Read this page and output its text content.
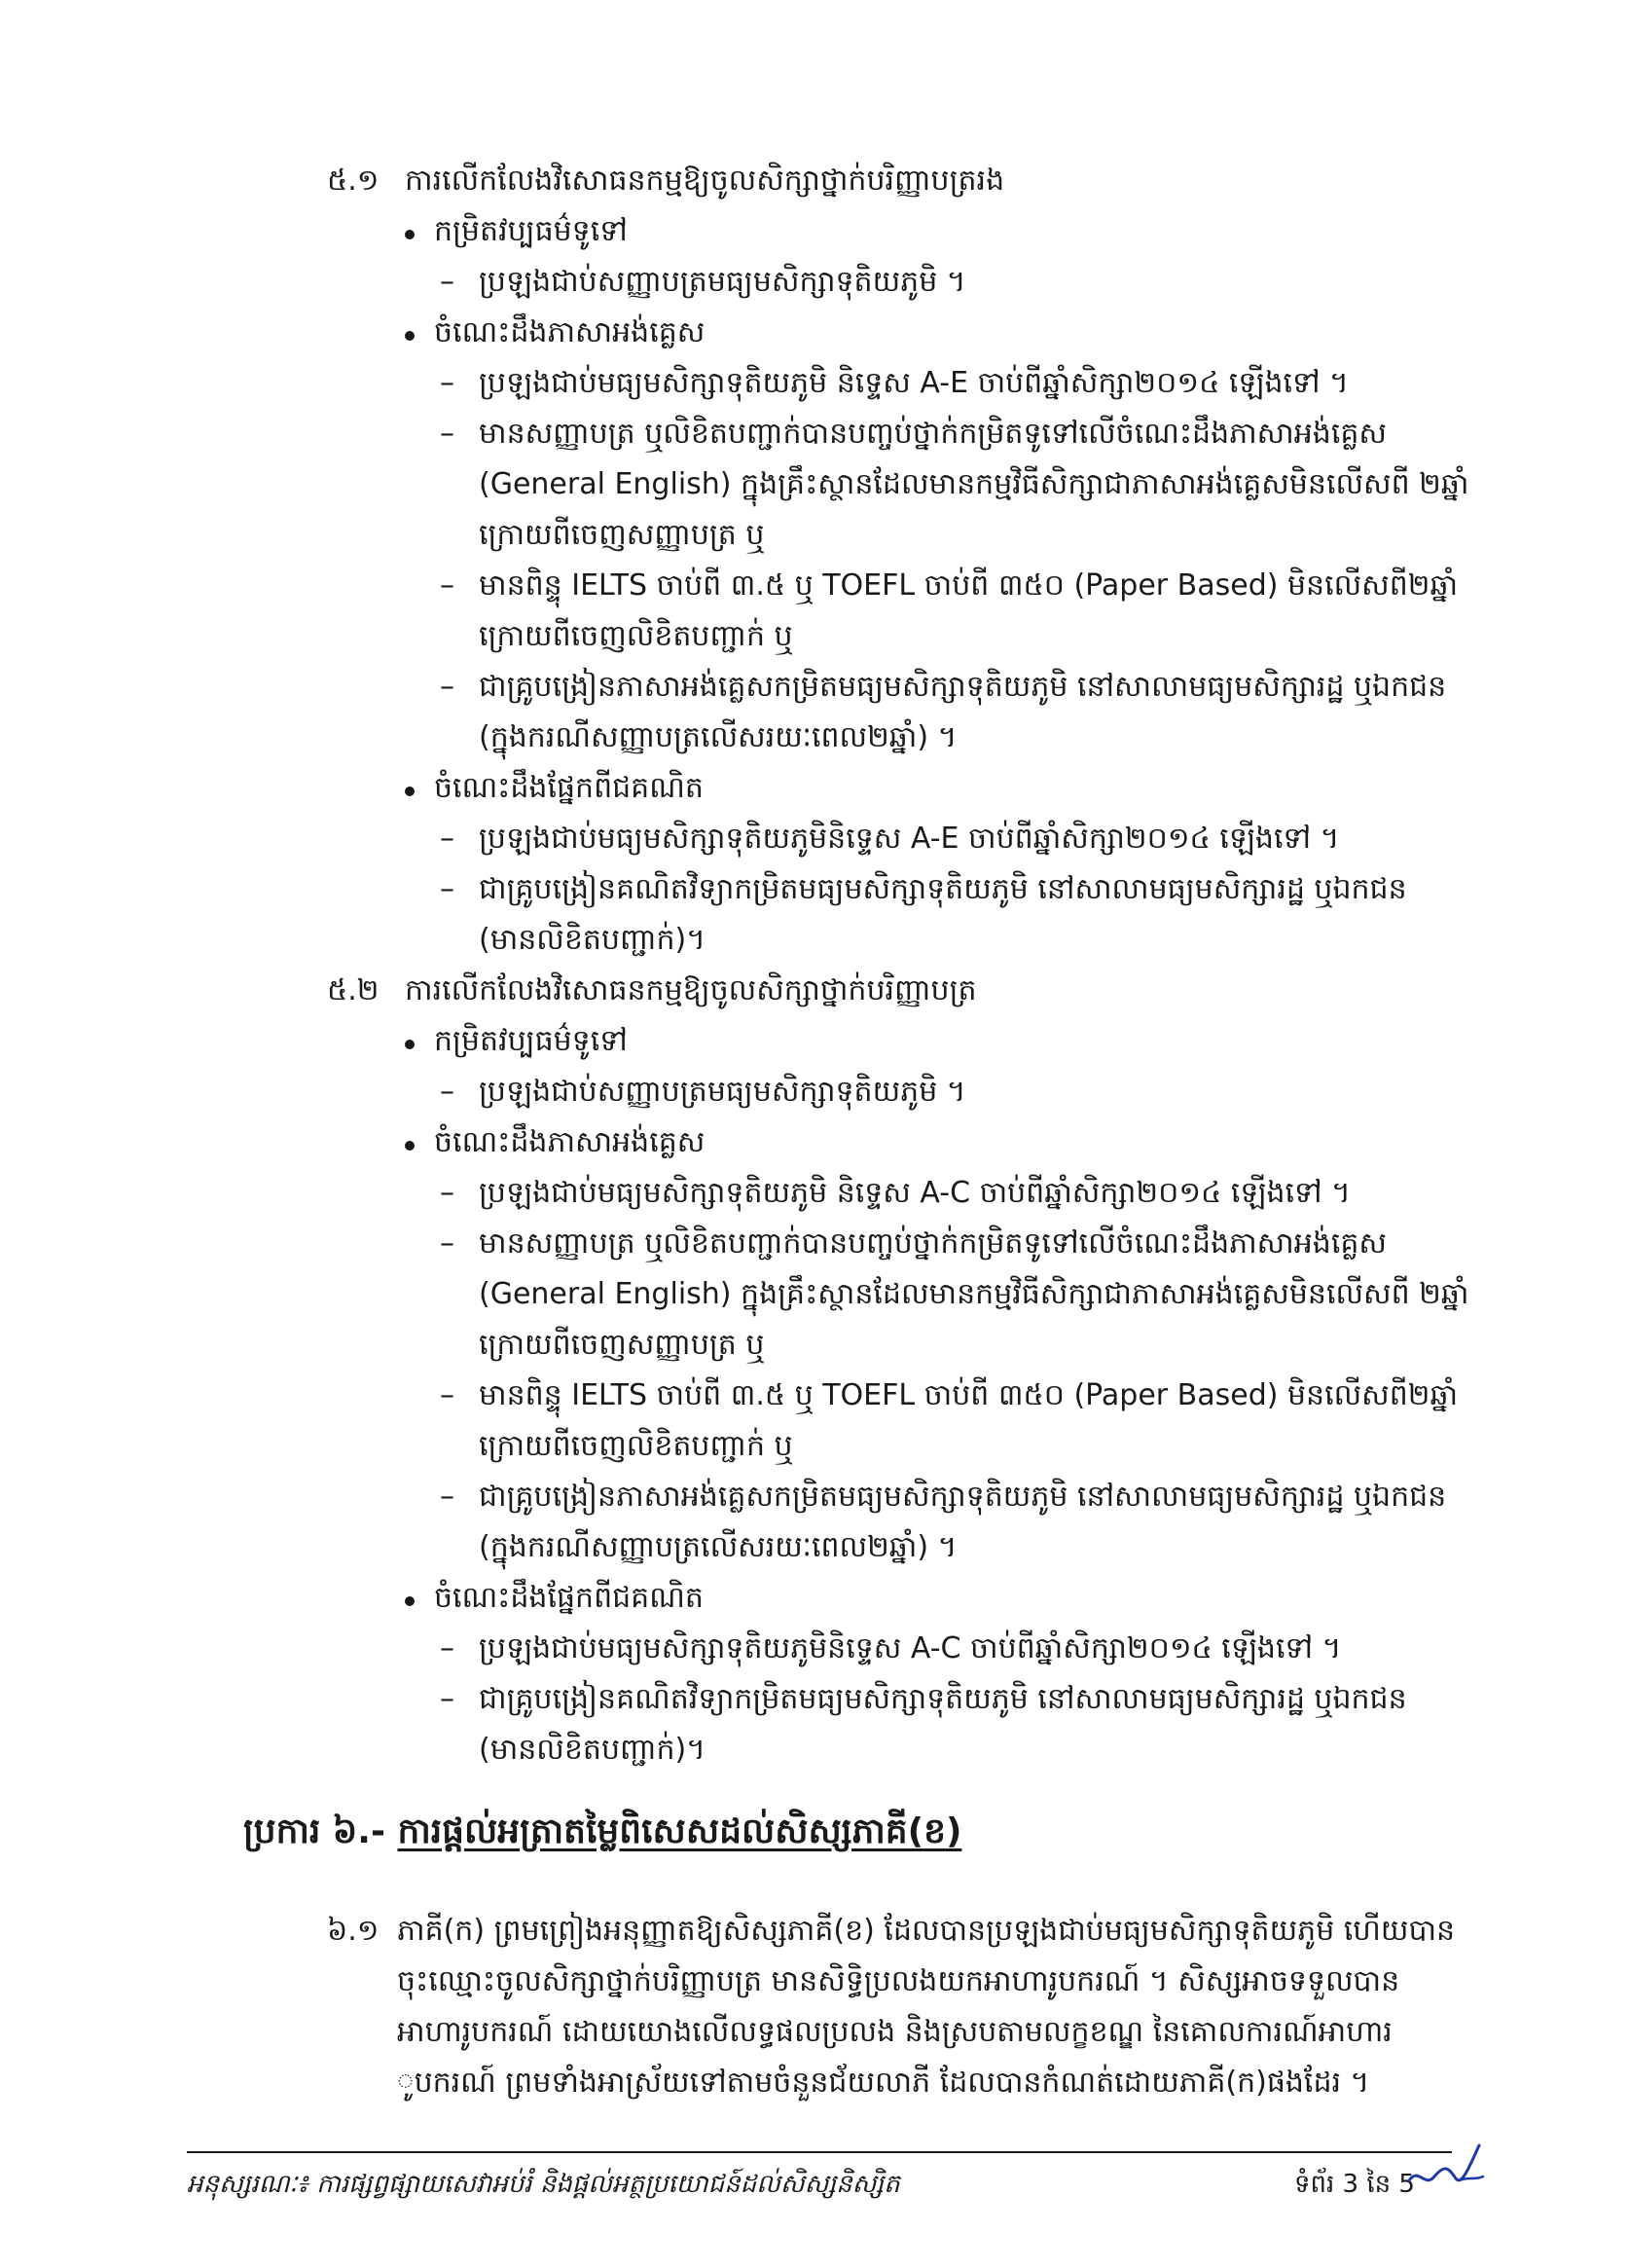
៥.១ ការលើកលែងវិសោធនកម្មឱ្យចូលសិក្សាថ្នាក់បរិញ្ញាបត្ររង
កម្រិតវប្បធម៌ទូទៅ
– ប្រឡងជាប់សញ្ញាបត្រមធ្យមសិក្សាទុតិយភូមិ ។
ចំណេះដឹងភាសាអង់គ្លេស
– ប្រឡងជាប់មធ្យមសិក្សាទុតិយភូមិ និទ្ទេស A-E ចាប់ពីឆ្នាំសិក្សា២០១៤ ឡើងទៅ ។
– មានសញ្ញាបត្រ ឬលិខិតបញ្ជាក់បានបញ្ចប់ថ្នាក់កម្រិតទូទៅលើចំណេះដឹងភាសាអង់គ្លេស
(General English) ក្នុងគ្រឹះស្ថានដែលមានកម្មវិធីសិក្សាជាភាសាអង់គ្លេសមិនលើសពី ២ឆ្នាំ
ក្រោយពីចេញសញ្ញាបត្រ ឬ
– មានពិន្ទុ IELTS ចាប់ពី ៣.៥ ឬ TOEFL ចាប់ពី ៣៥០ (Paper Based) មិនលើសពី២ឆ្នាំ
ក្រោយពីចេញលិខិតបញ្ជាក់ ឬ
– ជាគ្រូបង្រៀនភាសាអង់គ្លេសកម្រិតមធ្យមសិក្សាទុតិយភូមិ នៅសាលាមធ្យមសិក្សារដ្ឋ ឬឯកជន
(ក្នុងករណីសញ្ញាបត្រលើសរយៈពេល២ឆ្នាំ) ។
ចំណេះដឹងផ្នែកពីជគណិត
– ប្រឡងជាប់មធ្យមសិក្សាទុតិយភូមិនិទ្ទេស A-E ចាប់ពីឆ្នាំសិក្សា២០១៤ ឡើងទៅ ។
– ជាគ្រូបង្រៀនគណិតវិទ្យាកម្រិតមធ្យមសិក្សាទុតិយភូមិ នៅសាលាមធ្យមសិក្សារដ្ឋ ឬឯកជន
(មានលិខិតបញ្ជាក់)។
៥.២ ការលើកលែងវិសោធនកម្មឱ្យចូលសិក្សាថ្នាក់បរិញ្ញាបត្រ
កម្រិតវប្បធម៌ទូទៅ
– ប្រឡងជាប់សញ្ញាបត្រមធ្យមសិក្សាទុតិយភូមិ ។
ចំណេះដឹងភាសាអង់គ្លេស
– ប្រឡងជាប់មធ្យមសិក្សាទុតិយភូមិ និទ្ទេស A-C ចាប់ពីឆ្នាំសិក្សា២០១៤ ឡើងទៅ ។
– មានសញ្ញាបត្រ ឬលិខិតបញ្ជាក់បានបញ្ចប់ថ្នាក់កម្រិតទូទៅលើចំណេះដឹងភាសាអង់គ្លេស
(General English) ក្នុងគ្រឹះស្ថានដែលមានកម្មវិធីសិក្សាជាភាសាអង់គ្លេសមិនលើសពី ២ឆ្នាំ
ក្រោយពីចេញសញ្ញាបត្រ ឬ
– មានពិន្ទុ IELTS ចាប់ពី ៣.៥ ឬ TOEFL ចាប់ពី ៣៥០ (Paper Based) មិនលើសពី២ឆ្នាំ
ក្រោយពីចេញលិខិតបញ្ជាក់ ឬ
– ជាគ្រូបង្រៀនភាសាអង់គ្លេសកម្រិតមធ្យមសិក្សាទុតិយភូមិ នៅសាលាមធ្យមសិក្សារដ្ឋ ឬឯកជន
(ក្នុងករណីសញ្ញាបត្រលើសរយៈពេល២ឆ្នាំ) ។
ចំណេះដឹងផ្នែកពីជគណិត
– ប្រឡងជាប់មធ្យមសិក្សាទុតិយភូមិនិទ្ទេស A-C ចាប់ពីឆ្នាំសិក្សា២០១៤ ឡើងទៅ ។
– ជាគ្រូបង្រៀនគណិតវិទ្យាកម្រិតមធ្យមសិក្សាទុតិយភូមិ នៅសាលាមធ្យមសិក្សារដ្ឋ ឬឯកជន
(មានលិខិតបញ្ជាក់)។
ប្រការ ៦.- ការផ្តល់អត្រាតម្លៃពិសេសដល់សិស្សភាគី(ខ)
៦.១ ភាគី(ក) ព្រមព្រៀងអនុញ្ញាតឱ្យសិស្សភាគី(ខ) ដែលបានប្រឡងជាប់មធ្យមសិក្សាទុតិយភូមិ ហើយបាន
ចុះឈ្មោះចូលសិក្សាថ្នាក់បរិញ្ញាបត្រ មានសិទ្ធិប្រលងយកអាហារូបករណ៍ ។ សិស្សអាចទទួលបាន
អាហារូបករណ៍ ដោយយោងលើលទ្ធផលប្រលង និងស្របតាមលក្ខខណ្ឌ នៃគោលការណ៍អាហារ
ូបករណ៍ ព្រមទាំងអាស្រ័យទៅតាមចំនួនជ័យលាភី ដែលបានកំណត់ដោយភាគី(ក)ផងដែរ ។
អនុស្សរណៈ៖ ការផ្សព្វផ្សាយសេវាអប់រំ និងផ្តល់អត្ថប្រយោជន៍ដល់សិស្សនិស្សិត	ទំព័រ 3 នៃ 5
